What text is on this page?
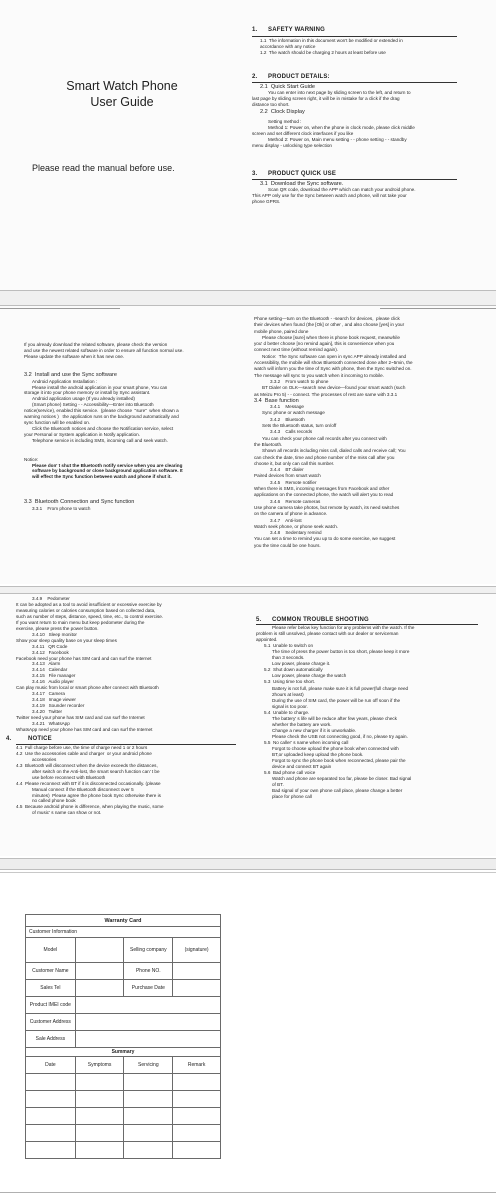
Smart Watch Phone
User Guide
Please read the manual before use.

1. SAFETY WARNING

1.1  The information in this document won't be modified or extended in

accordance with any notice

1.2  The watch should be charging 2 hours at least before use

2. PRODUCT DETAILS:

2.1  Quick Start Guide

You can enter into next page by sliding screen to the left, and return to

last page by sliding screen right, it will be in mistake for a click if the drag

distance too short.

2.2  Clock Display

Setting method :

Method 1: Power on, when the phone in clock mode, please click middle

screen and set different clock interfaces if you like

Method 2: Power on, Main menu setting - - phone setting - - standby

menu display - unlocking type selection

3. PRODUCT QUICK USE

3.1  Download the Sync software.

Scan QR code, download the APP which can match your android phone.

This APP only use for the Sync between watch and phone, will not take your

phone GPRS.

If you already download the related software, please check the version

and use the newest related software in order to ensure all function normal use.

Please update the software when it has new one.

3.2  Install and use the Sync software

Android Application Installation :

Please install the android application in your smart phone, You can

storage it into your phone memory or install by Sync assistant.

Android application usage (If you already installed)

(Smart phone) Setting - - Accessibility—Enter into Bluetooth

notice(service), enabled this service.  (please choose  "sure"  when shown a

warning notices )   the application runs on the background automatically and

sync function will be enabled on.

Click the Bluetooth notices and choose the Notification service, select

your Personal or System application in Notify application.

Telephone service is including SMS, incoming call and seek watch.

Notice:

Please don' t shut the Bluetooth notify service when you are clearing

software by background or close background application software. It

will effect the Sync function between watch and phone if shut it.

3.3  Bluetooth Connection and Sync function

3.3.1    From phone to watch

Phone setting—turn on the Bluetooth - -search for devices,  please click

their devices when found (the [Ok] or other , and also choose [yes] in your

mobile phone, paired done

Please choose [sure] when there is phone book request, meanwhile

you' d better choose [no remind again], this is convenience when you

connect next time (without remind again).

Notice:  The Sync software can open in sync APP already installed and

Accessibility, the mobile will show Bluetooth connected done after 2~5min, the

watch will inform you the time of Sync with phone, then the Sync switched on.

The message will sync to you watch when it incoming to mobile.

3.3.2    From watch to phone

BT Dialer on OLK—search new device—found your smart watch (such

as Meizu Pro 5) - - connect. The processes of rest are same with 3.3.1

3.4  Base function

3.4.1    Message

Sync phone or watch message

3.4.2    Bluetooth

Sets the Bluetooth status, turn on/off

3.4.3    Calls records

You can check your phone call records after you connect with

the Bluetooth.

Shown all records including miss call, dialed calls and receive call; You

can check the date, time and phone number of the miss call after you

choose it, but only can call this number.

3.4.4    BT dialer

Paired devices from smart watch

3.4.5    Remote notifier

When there is SMS, incoming messages from Facebook and other

applications on the connected phone, the watch will alert you to read

3.4.6    Remote cameras

Use phone camera take photos, but remote by watch, its need switches

on the camera of phone in advance.

3.4.7    Anti-lost

Watch seek phone, or phone seek watch.

3.4.8    Sedentary remind

You can set a time to remind you up to do some exercise, we suggest

you the time could be one hours.

3.4.9    Pedometer

It can be adopted as a tool to avoid insufficient or excessive exercise by

measuring calories or calories consumption based on collected data,

such as number of steps, distance, speed, time, etc., to control exercise.

If you want return to main menu but keep pedometer during the

exercise, please press the power button.

3.4.10   Sleep monitor

Show your sleep quality base on your sleep times

3.4.11   QR Code

3.4.12   Facebook

Facebook need your phone has SIM card and can surf the Internet

3.4.13   Alarm

3.4.14   Calendar

3.4.15   File manager

3.4.16   Audio player

Can play music from local or smart phone after connect with Bluetooth

3.4.17   Camera

3.4.18   Image viewer

3.4.19   Sounder recorder

3.4.20   Twitter

Twitter need your phone has SIM card and can surf the Internet

3.4.21   WhatsApp

WhatsApp need your phone has SIM card and can surf the Internet

4.	NOTICE

4.1  Full charge before use, the time of charge need 1 or 2 hours

4.2  Use the accessories cable and charger  or your android phone

accessories

4.3  Bluetooth will disconnect when the device exceeds the distances,

after switch on the Anti-lost, the smart search function can' t be

use before reconnect with Bluetooth

4.4  Please reconnect with BT if it is disconnected occasionally. (please

Manual connect if the Bluetooth disconnect over 5

minutes)  Please agree the phone book Sync otherwise there is

no called phone book

4.5  Because android phone is difference, when playing the music, some

of music' s name can show or not.

5. COMMON TROUBLE SHOOTING

Please refer below key function for any problems with the watch. If the

problem is still unsolved, please contact with our dealer or serviceman

appointed.

5.1  Unable to switch on

The time of press the power button is too short, please keep it more

than 3 seconds.

Low power, please charge it.

5.2  Shut down automatically

Low power, please charge the watch

5.3  Using time too short.

Battery is not full, please make sure it is full power(full charge need

2hours at least)

During the use of SIM card, the power will be run off soon if the

signal is too poor.

5.4  Unable to charge.

The battery' s life will be reduce after few years, please check

whether the battery are work.

Change a new charger if it is unworkable.

Please check the USB not connecting good, if no, please try again.

5.5  No caller' s name when incoming call

Forgot to choose upload the phone book when connected with

BT,or uploaded keep upload the phone book.

Forgot to sync the phone book when reconnected, please pair the

device and connect BT again

5.6  Bad phone call voice

Watch and phone are separated too far, please be closer. Bad signal

of BT.

Bad signal of your own phone call place, please change a better

place for phone call

Warranty Card			
Customer Information			
Model		Selling company	(signature)
Customer Name		Phone NO.	
Sales Tel		Purchase Date	
Product IMEI code			
Customer Address			
Sale Address			
Summary			
Date	Symptoms	Servicing	Remark
